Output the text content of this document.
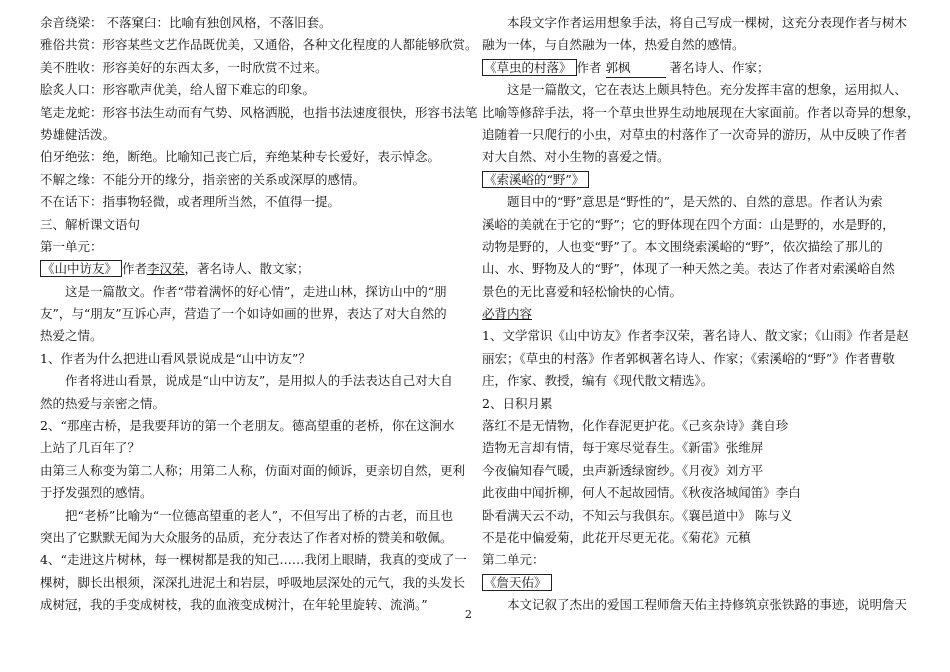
余音绕梁： 不落窠臼：比喻有独创风格，不落旧套。
雅俗共赏：形容某些文艺作品既优美，又通俗，各种文化程度的人都能够欣赏。
美不胜收：形容美好的东西太多，一时欣赏不过来。
脍炙人口：形容歌声优美，给人留下难忘的印象。
笔走龙蛇：形容书法生动而有气势、风格洒脱，也指书法速度很快，形容书法笔
势雄健活泼。
伯牙绝弦：绝，断绝。比喻知己丧亡后，弃绝某种专长爱好，表示悼念。
不解之缘：不能分开的缘分，指亲密的关系或深厚的感情。
不在话下：指事物轻微，或者理所当然，不值得一提。
三、解析课文语句
第一单元：
《山中访友》 作者李汉荣，著名诗人、散文家；
这是一篇散文。作者“带着满怀的好心情”，走进山林，探访山中的“朋
友”，与“朋友”互诉心声，营造了一个如诗如画的世界，表达了对大自然的
热爱之情。
1、作者为什么把进山看风景说成是“山中访友”？
作者将进山看景，说成是“山中访友”，是用拟人的手法表达自己对大自
然的热爱与亲密之情。
2、“那座古桥，是我要拜访的第一个老朋友。德高望重的老桥，你在这涧水
上站了几百年了？
由第三人称变为第二人称；用第二人称，仿面对面的倾诉，更亲切自然，更利
于抒发强烈的感情。
把“老桥”比喻为“一位德高望重的老人”，不但写出了桥的古老，而且也
突出了它默默无闻为大众服务的品质，充分表达了作者对桥的赞美和敬佩。
4、“走进这片树林，每一棵树都是我的知己……我闭上眼睛，我真的变成了一
棵树，脚长出根须，深深扎进泥土和岩层，呼吸地层深处的元气，我的头发长
成树冠，我的手变成树枝，我的血液变成树汁，在年轮里旋转、流淌。”
本段文字作者运用想象手法，将自己写成一棵树，这充分表现作者与树木
融为一体，与自然融为一体，热爱自然的感情。
《草虫的村落》 作者 郭枫	著名诗人、作家；
这是一篇散文，它在表达上颇具特色。充分发挥丰富的想象，运用拟人、
比喻等修辞手法，将一个草虫世界生动地展现在大家面前。作者以奇异的想象，
追随着一只爬行的小虫，对草虫的村落作了一次奇异的游历，从中反映了作者
对大自然、对小生物的喜爱之情。
《索溪峪的“野”》
题目中的“野”意思是“野性的”，是天然的、自然的意思。作者认为索
溪峪的美就在于它的“野”；它的野体现在四个方面：山是野的，水是野的，
动物是野的，人也变“野”了。本文围绕索溪峪的“野”，依次描绘了那儿的
山、水、野物及人的“野”，体现了一种天然之美。表达了作者对索溪峪自然
景色的无比喜爱和轻松愉快的心情。
必背内容
1、文学常识《山中访友》作者李汉荣，著名诗人、散文家；《山雨》作者是赵
丽宏；《草虫的村落》作者郭枫著名诗人、作家；《索溪峪的“野”》作者曹敬
庄，作家、教授，编有《现代散文精选》。
2、日积月累
落红不是无情物，化作春泥更护花。《己亥杂诗》龚自珍
造物无言却有情，每于寒尽觉春生。《新雷》张维屏
今夜偏知春气暖，虫声新透绿窗纱。《月夜》刘方平
此夜曲中闻折柳，何人不起故园情。《秋夜洛城闻笛》李白
卧看满天云不动，不知云与我俱东。《襄邑道中》 陈与义
不是花中偏爱菊，此花开尽更无花。《菊花》元稹
第二单元：
《詹天佑》
本文记叙了杰出的爱国工程师詹天佑主持修筑京张铁路的事迹，说明詹天
2
